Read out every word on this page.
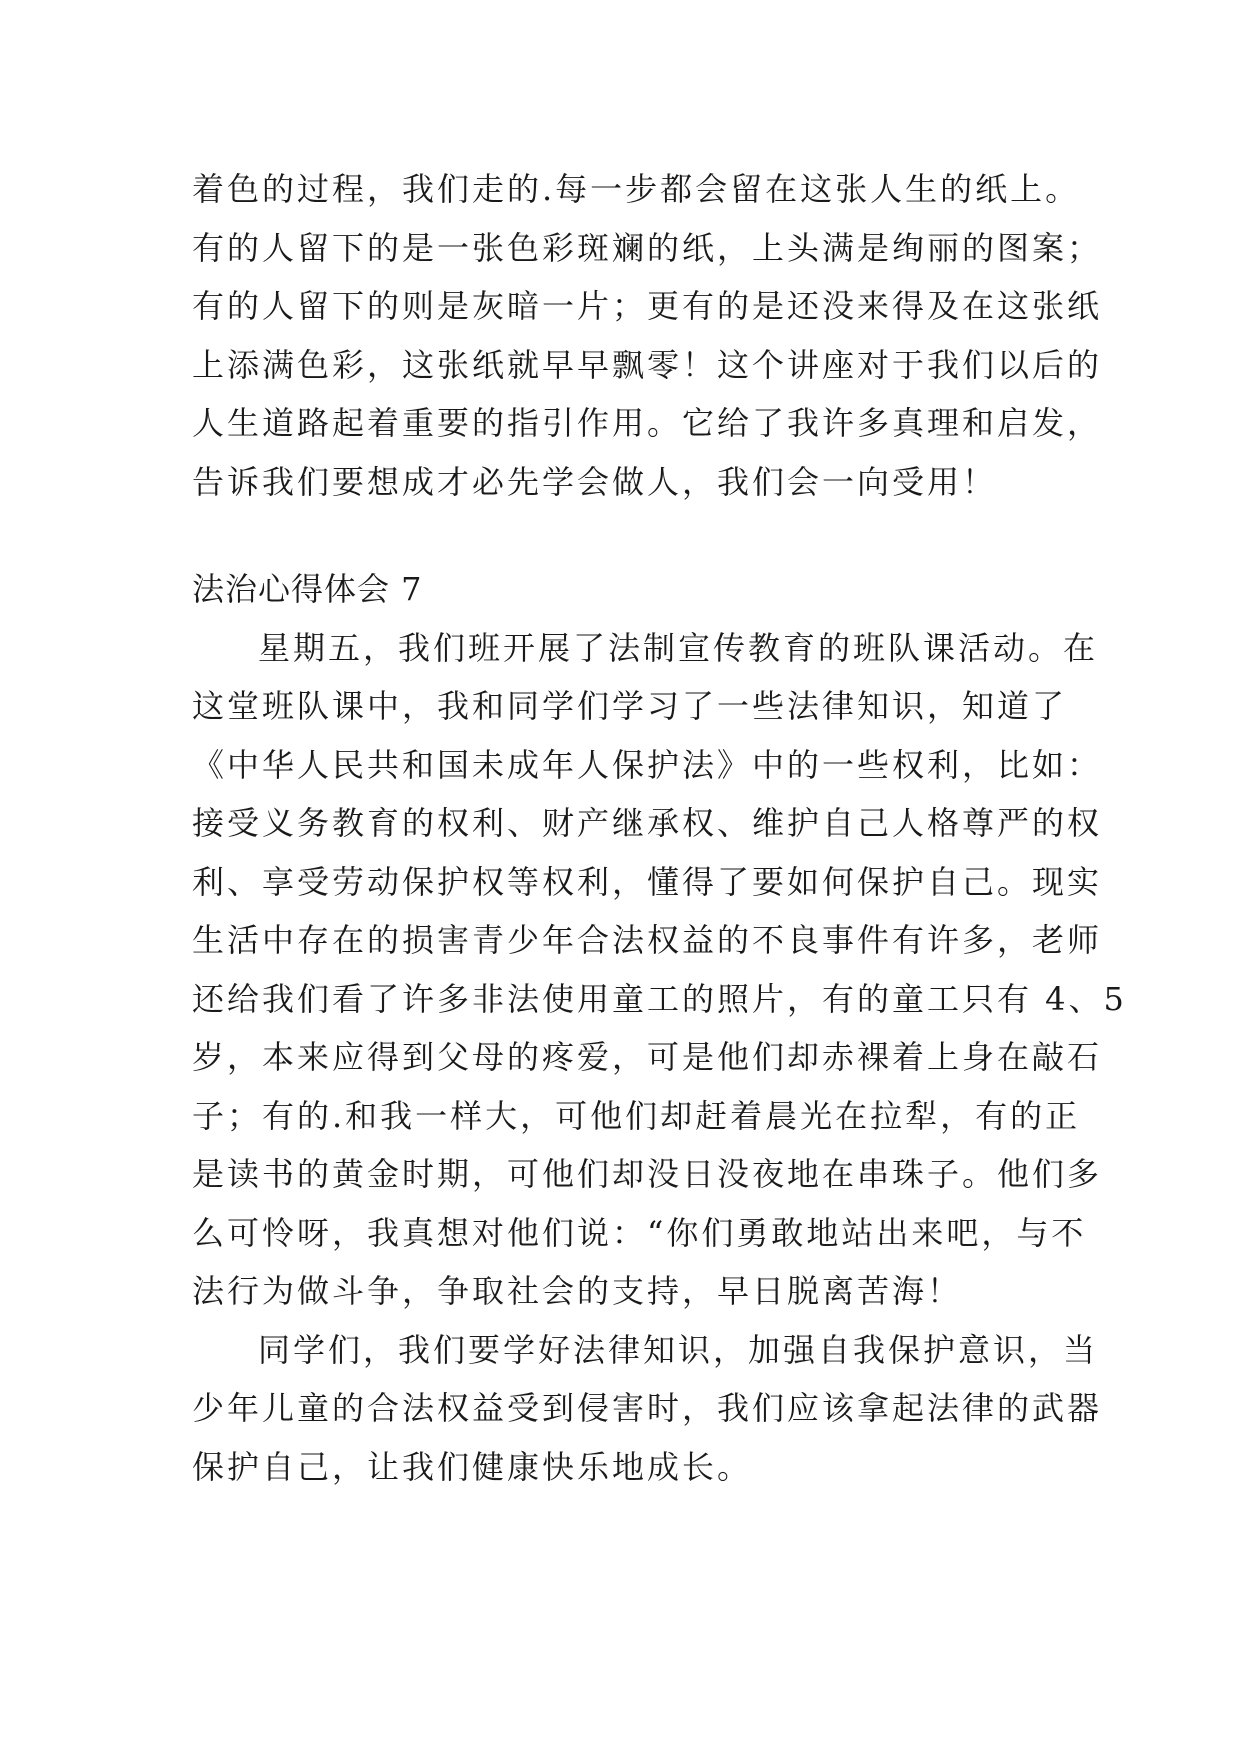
着色的过程，我们走的.每一步都会留在这张人生的纸上。
有的人留下的是一张色彩斑斓的纸，上头满是绚丽的图案；
有的人留下的则是灰暗一片；更有的是还没来得及在这张纸
上添满色彩，这张纸就早早飘零！这个讲座对于我们以后的
人生道路起着重要的指引作用。它给了我许多真理和启发，
告诉我们要想成才必先学会做人，我们会一向受用！
法治心得体会 7
星期五，我们班开展了法制宣传教育的班队课活动。在
这堂班队课中，我和同学们学习了一些法律知识，知道了
《中华人民共和国未成年人保护法》中的一些权利，比如：
接受义务教育的权利、财产继承权、维护自己人格尊严的权
利、享受劳动保护权等权利，懂得了要如何保护自己。现实
生活中存在的损害青少年合法权益的不良事件有许多，老师
还给我们看了许多非法使用童工的照片，有的童工只有 4、5
岁，本来应得到父母的疼爱，可是他们却赤裸着上身在敲石
子；有的.和我一样大，可他们却赶着晨光在拉犁，有的正
是读书的黄金时期，可他们却没日没夜地在串珠子。他们多
么可怜呀，我真想对他们说：“你们勇敢地站出来吧，与不
法行为做斗争，争取社会的支持，早日脱离苦海！
同学们，我们要学好法律知识，加强自我保护意识，当
少年儿童的合法权益受到侵害时，我们应该拿起法律的武器
保护自己，让我们健康快乐地成长。
